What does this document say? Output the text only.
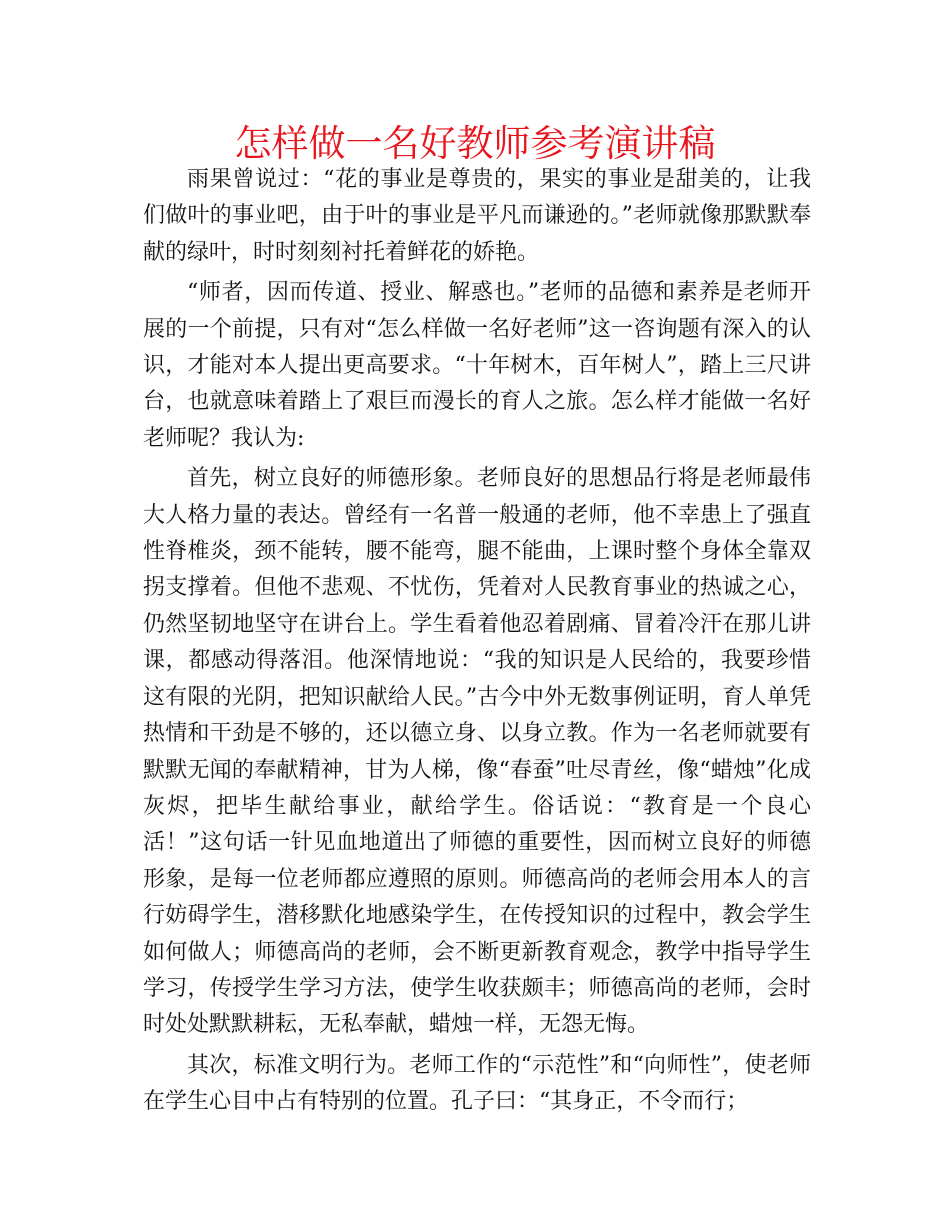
怎样做一名好教师参考演讲稿

雨果曾说过：“花的事业是尊贵的，果实的事业是甜美的，让我们做叶的事业吧，由于叶的事业是平凡而谦逊的。”老师就像那默默奉献的绿叶，时时刻刻衬托着鲜花的娇艳。

“师者，因而传道、授业、解惑也。”老师的品德和素养是老师开展的一个前提，只有对“怎么样做一名好老师”这一咨询题有深入的认识，才能对本人提出更高要求。“十年树木，百年树人”，踏上三尺讲台，也就意味着踏上了艰巨而漫长的育人之旅。怎么样才能做一名好老师呢？我认为:

首先，树立良好的师德形象。老师良好的思想品行将是老师最伟大人格力量的表达。曾经有一名普一般通的老师，他不幸患上了强直性脊椎炎，颈不能转，腰不能弯，腿不能曲，上课时整个身体全靠双拐支撑着。但他不悲观、不忧伤，凭着对人民教育事业的热诚之心，仍然坚韧地坚守在讲台上。学生看着他忍着剧痛、冒着冷汗在那儿讲课，都感动得落泪。他深情地说：“我的知识是人民给的，我要珍惜这有限的光阴，把知识献给人民。”古今中外无数事例证明，育人单凭热情和干劲是不够的，还以德立身、以身立教。作为一名老师就要有默默无闻的奉献精神，甘为人梯，像“春蚕”吐尽青丝，像“蜡烛”化成灰烬，把毕生献给事业，献给学生。俗话说：“教育是一个良心活！”这句话一针见血地道出了师德的重要性，因而树立良好的师德形象，是每一位老师都应遵照的原则。师德高尚的老师会用本人的言行妨碍学生，潜移默化地感染学生，在传授知识的过程中，教会学生如何做人；师德高尚的老师，会不断更新教育观念，教学中指导学生学习，传授学生学习方法，使学生收获颇丰；师德高尚的老师，会时时处处默默耕耘，无私奉献，蜡烛一样，无怨无悔。

其次，标准文明行为。老师工作的“示范性”和“向师性”，使老师在学生心目中占有特别的位置。孔子曰：“其身正，不令而行；
